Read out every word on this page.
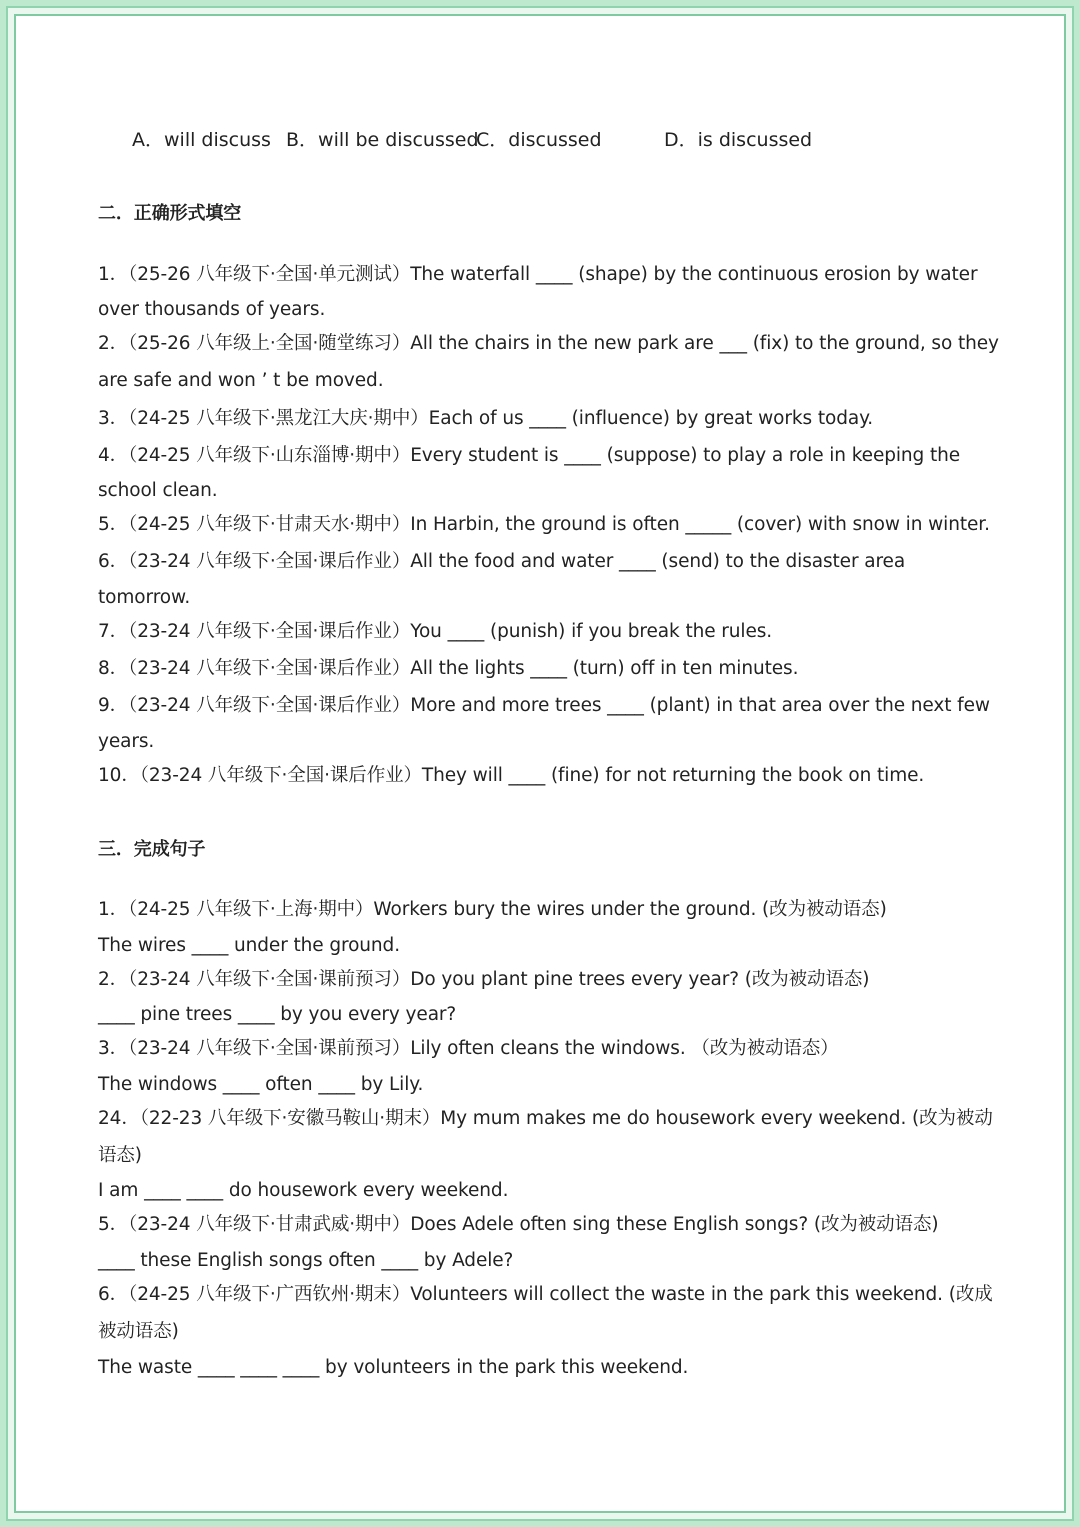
A．will discuss B．will be discussed
C．discussed	D．is discussed
二．正确形式填空
1．（25-26 八年级下·全国·单元测试）The waterfall ____ (shape) by the continuous erosion by water
over thousands of years.
2．（25-26 八年级上·全国·随堂练习）All the chairs in the new park are ___ (fix) to the ground, so they
are safe and won ’ t be moved.
3．（24-25 八年级下·黑龙江大庆·期中）Each of us ____ (influence) by great works today.
4．（24-25 八年级下·山东淄博·期中）Every student is ____ (suppose) to play a role in keeping the
school clean.
5．（24-25 八年级下·甘肃天水·期中）In Harbin, the ground is often _____ (cover) with snow in winter.
6．（23-24 八年级下·全国·课后作业）All the food and water ____ (send) to the disaster area
tomorrow.
7．（23-24 八年级下·全国·课后作业）You ____ (punish) if you break the rules.
8．（23-24 八年级下·全国·课后作业）All the lights ____ (turn) off in ten minutes.
9．（23-24 八年级下·全国·课后作业）More and more trees ____ (plant) in that area over the next few
years.
10．（23-24 八年级下·全国·课后作业）They will ____ (fine) for not returning the book on time.
三．完成句子
1．（24-25 八年级下·上海·期中）Workers bury the wires under the ground. (改为被动语态)
The wires ____ under the ground.
2．（23-24 八年级下·全国·课前预习）Do you plant pine trees every year? (改为被动语态)
____ pine trees ____ by you every year?
3．（23-24 八年级下·全国·课前预习）Lily often cleans the windows. （改为被动语态）
The windows ____ often ____ by Lily.
24．（22-23 八年级下·安徽马鞍山·期末）My mum makes me do housework every weekend. (改为被动
语态)
I am ____ ____ do housework every weekend.
5．（23-24 八年级下·甘肃武威·期中）Does Adele often sing these English songs? (改为被动语态)
____ these English songs often ____ by Adele?
6．（24-25 八年级下·广西钦州·期末）Volunteers will collect the waste in the park this weekend. (改成
被动语态)
The waste ____ ____ ____ by volunteers in the park this weekend.
